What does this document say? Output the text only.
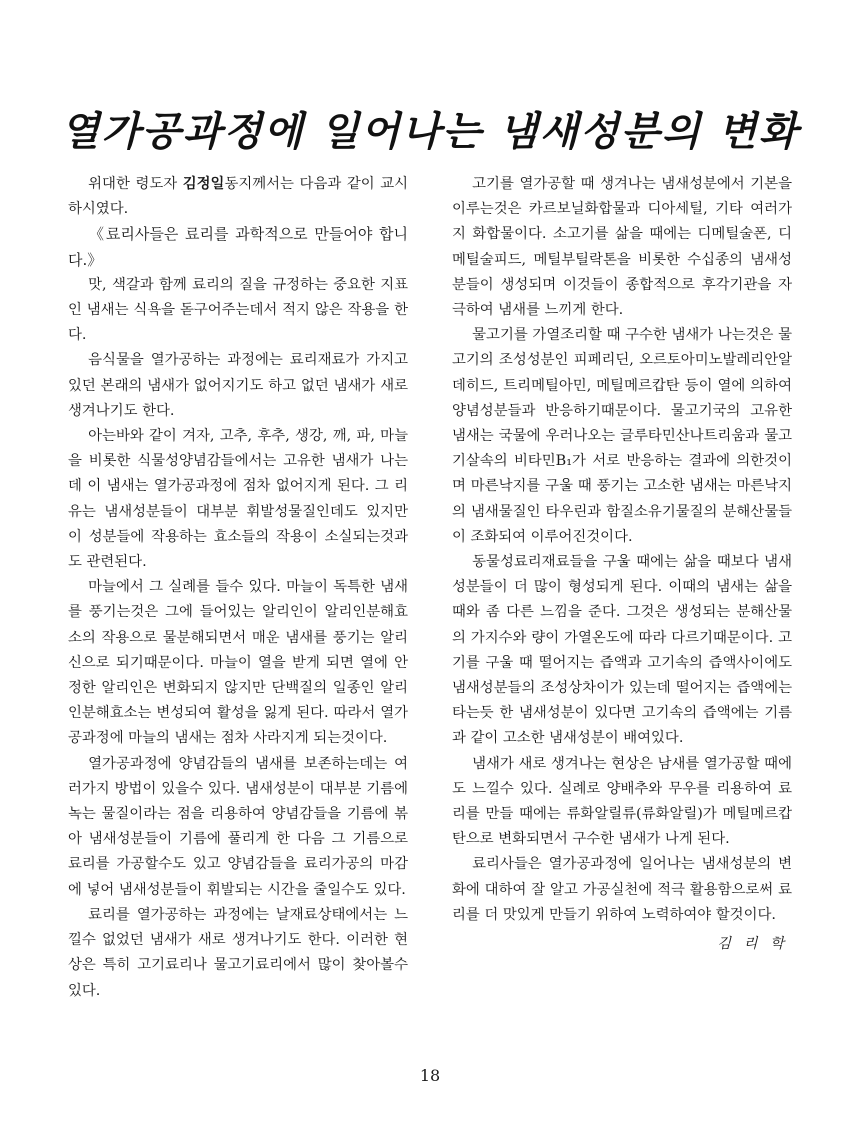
열가공과정에 일어나는 냄새성분의 변화

위대한 령도자 김정일동지께서는 다음과 같이 교시하시였다.

《료리사들은 료리를 과학적으로 만들어야 합니다.》

맛, 색갈과 함께 료리의 질을 규정하는 중요한 지표인 냄새는 식욕을 돋구어주는데서 적지 않은 작용을 한다.

음식물을 열가공하는 과정에는 료리재료가 가지고있던 본래의 냄새가 없어지기도 하고 없던 냄새가 새로 생겨나기도 한다.

아는바와 같이 겨자, 고추, 후추, 생강, 깨, 파, 마늘을 비롯한 식물성양념감들에서는 고유한 냄새가 나는데 이 냄새는 열가공과정에 점차 없어지게 된다. 그 리유는 냄새성분들이 대부분 휘발성물질인데도 있지만 이 성분들에 작용하는 효소들의 작용이 소실되는것과도 관련된다.

마늘에서 그 실례를 들수 있다. 마늘이 독특한 냄새를 풍기는것은 그에 들어있는 알리인이 알리인분해효소의 작용으로 물분해되면서 매운 냄새를 풍기는 알리신으로 되기때문이다. 마늘이 열을 받게 되면 열에 안정한 알리인은 변화되지 않지만 단백질의 일종인 알리인분해효소는 변성되여 활성을 잃게 된다. 따라서 열가공과정에 마늘의 냄새는 점차 사라지게 되는것이다.

열가공과정에 양념감들의 냄새를 보존하는데는 여러가지 방법이 있을수 있다. 냄새성분이 대부분 기름에 녹는 물질이라는 점을 리용하여 양념감들을 기름에 볶아 냄새성분들이 기름에 풀리게 한 다음 그 기름으로 료리를 가공할수도 있고 양념감들을 료리가공의 마감에 넣어 냄새성분들이 휘발되는 시간을 줄일수도 있다.

료리를 열가공하는 과정에는 날재료상태에서는 느낄수 없었던 냄새가 새로 생겨나기도 한다. 이러한 현상은 특히 고기료리나 물고기료리에서 많이 찾아볼수 있다.

고기를 열가공할 때 생겨나는 냄새성분에서 기본을 이루는것은 카르보닐화합물과 디아세틸, 기타 여러가지 화합물이다. 소고기를 삶을 때에는 디메틸술폰, 디메틸술피드, 메틸부틸락톤을 비롯한 수십종의 냄새성분들이 생성되며 이것들이 종합적으로 후각기관을 자극하여 냄새를 느끼게 한다.

물고기를 가열조리할 때 구수한 냄새가 나는것은 물고기의 조성성분인 피페리딘, 오르토아미노발레리안알데히드, 트리메틸아민, 메틸메르캅탄 등이 열에 의하여 양념성분들과 반응하기때문이다. 물고기국의 고유한 냄새는 국물에 우러나오는 글루타민산나트리움과 물고기살속의 비타민B₁가 서로 반응하는 결과에 의한것이며 마른낙지를 구울 때 풍기는 고소한 냄새는 마른낙지의 냄새물질인 타우린과 함질소유기물질의 분해산물들이 조화되여 이루어진것이다.

동물성료리재료들을 구울 때에는 삶을 때보다 냄새성분들이 더 많이 형성되게 된다. 이때의 냄새는 삶을 때와 좀 다른 느낌을 준다. 그것은 생성되는 분해산물의 가지수와 량이 가열온도에 따라 다르기때문이다. 고기를 구울 때 떨어지는 즙액과 고기속의 즙액사이에도 냄새성분들의 조성상차이가 있는데 떨어지는 즙액에는 타는듯 한 냄새성분이 있다면 고기속의 즙액에는 기름과 같이 고소한 냄새성분이 배여있다.

냄새가 새로 생겨나는 현상은 남새를 열가공할 때에도 느낄수 있다. 실례로 양배추와 무우를 리용하여 료리를 만들 때에는 류화알릴류(류화알릴)가 메틸메르캅탄으로 변화되면서 구수한 냄새가 나게 된다.

료리사들은 열가공과정에 일어나는 냄새성분의 변화에 대하여 잘 알고 가공실천에 적극 활용함으로써 료리를 더 맛있게 만들기 위하여 노력하여야 할것이다.

김 리 학
18
